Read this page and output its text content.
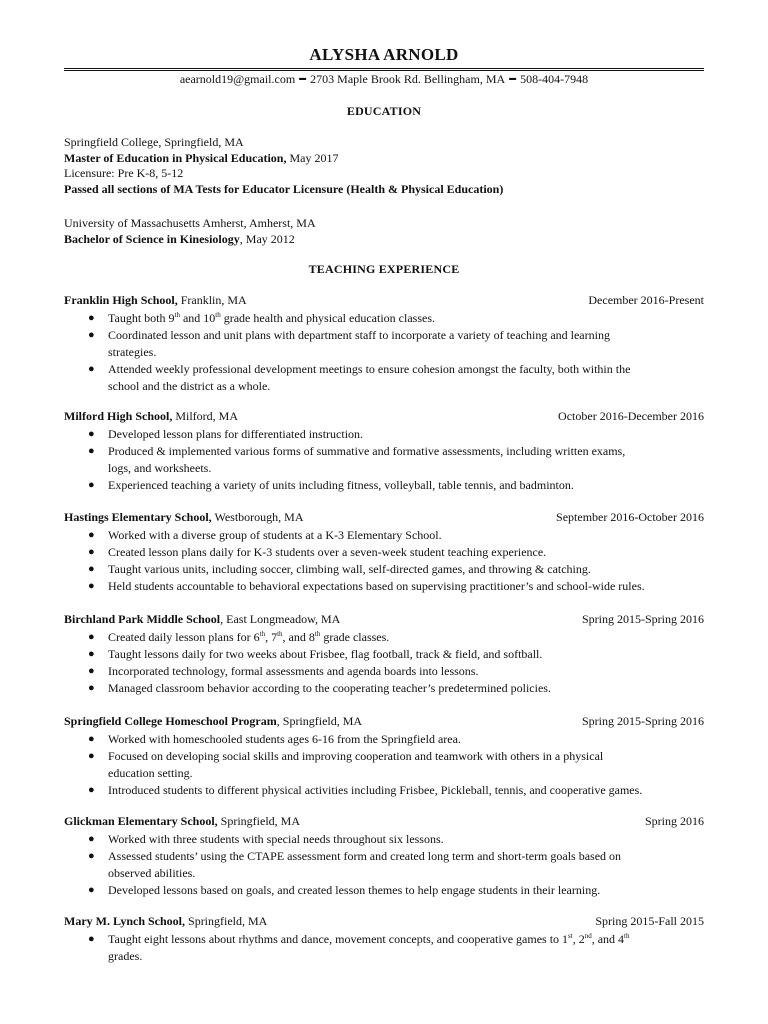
ALYSHA ARNOLD
aearnold19@gmail.com ▬ 2703 Maple Brook Rd. Bellingham, MA ▬ 508-404-7948
EDUCATION
Springfield College, Springfield, MA
Master of Education in Physical Education, May 2017
Licensure: Pre K-8, 5-12
Passed all sections of MA Tests for Educator Licensure (Health & Physical Education)
University of Massachusetts Amherst, Amherst, MA
Bachelor of Science in Kinesiology, May 2012
TEACHING EXPERIENCE
Franklin High School, Franklin, MA	December 2016-Present
● Taught both 9th and 10th grade health and physical education classes.
● Coordinated lesson and unit plans with department staff to incorporate a variety of teaching and learning
strategies.
● Attended weekly professional development meetings to ensure cohesion amongst the faculty, both within the
school and the district as a whole.
Milford High School, Milford, MA	October 2016-December 2016
● Developed lesson plans for differentiated instruction.
● Produced & implemented various forms of summative and formative assessments, including written exams,
logs, and worksheets.
● Experienced teaching a variety of units including fitness, volleyball, table tennis, and badminton.
Hastings Elementary School, Westborough, MA	September 2016-October 2016
● Worked with a diverse group of students at a K-3 Elementary School.
● Created lesson plans daily for K-3 students over a seven-week student teaching experience.
● Taught various units, including soccer, climbing wall, self-directed games, and throwing & catching.
● Held students accountable to behavioral expectations based on supervising practitioner’s and school-wide rules.
Birchland Park Middle School, East Longmeadow, MA	Spring 2015-Spring 2016
● Created daily lesson plans for 6th, 7th, and 8th grade classes.
● Taught lessons daily for two weeks about Frisbee, flag football, track & field, and softball.
● Incorporated technology, formal assessments and agenda boards into lessons.
● Managed classroom behavior according to the cooperating teacher’s predetermined policies.
Springfield College Homeschool Program, Springfield, MA	Spring 2015-Spring 2016
● Worked with homeschooled students ages 6-16 from the Springfield area.
● Focused on developing social skills and improving cooperation and teamwork with others in a physical
education setting.
● Introduced students to different physical activities including Frisbee, Pickleball, tennis, and cooperative games.
Glickman Elementary School, Springfield, MA	Spring 2016
● Worked with three students with special needs throughout six lessons.
● Assessed students’ using the CTAPE assessment form and created long term and short-term goals based on
observed abilities.
● Developed lessons based on goals, and created lesson themes to help engage students in their learning.
Mary M. Lynch School, Springfield, MA	Spring 2015-Fall 2015
● Taught eight lessons about rhythms and dance, movement concepts, and cooperative games to 1st, 2nd, and 4th
grades.
